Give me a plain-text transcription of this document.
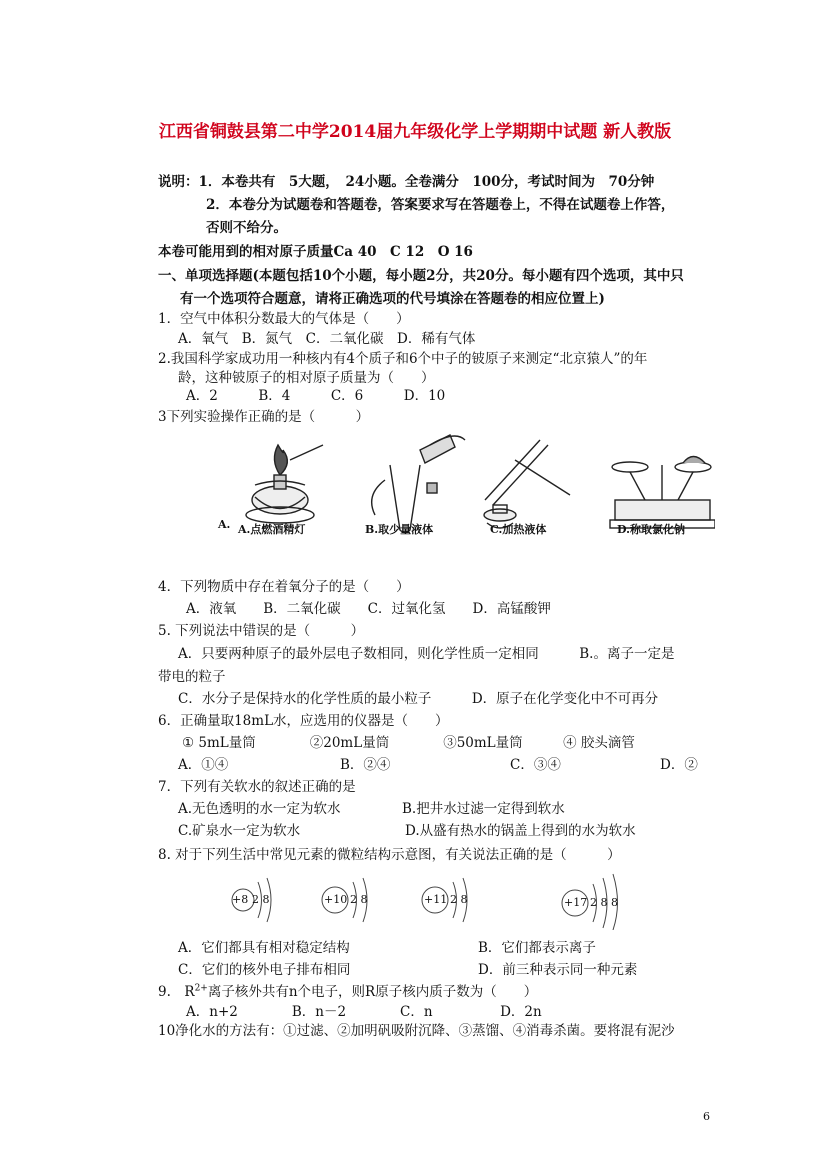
江西省铜鼓县第二中学2014届九年级化学上学期期中试题 新人教版
说明：1．本卷共有　5大题，　24小题。全卷满分　100分，考试时间为　70分钟
2．本卷分为试题卷和答题卷，答案要求写在答题卷上，不得在试题卷上作答，
否则不给分。
本卷可能用到的相对原子质量Ca 40　C 12　O 16
一、单项选择题(本题包括10个小题，每小题2分，共20分。每小题有四个选项，其中只
有一个选项符合题意，请将正确选项的代号填涂在答题卷的相应位置上)
1．空气中体积分数最大的气体是（　　）
A．氧气　B．氮气　C．二氧化碳　D．稀有气体
2.我国科学家成功用一种核内有4个质子和6个中子的铍原子来测定“北京猿人”的年
龄，这种铍原子的相对原子质量为（　　）
A．2　　　B．4　　　C．6　　　D．10
3下列实验操作正确的是（　　　）
A. A.点燃酒精灯	B.取少量液体	C.加热液体	D.称取氯化钠
4．下列物质中存在着氧分子的是（　　）
A．液氧　　B．二氧化碳　　C．过氧化氢　　D．高锰酸钾
5. 下列说法中错误的是（　　　）
A．只要两种原子的最外层电子数相同，则化学性质一定相同　　　B.。离子一定是
带电的粒子
C．水分子是保持水的化学性质的最小粒子　　　D．原子在化学变化中不可再分
6．正确量取18mL水，应选用的仪器是（　　）
① 5mL量筒　　　　②20mL量筒　　　　③50mL量筒　　　④ 胶头滴管
A．①④	B．②④	C．③④	D．②
7．下列有关软水的叙述正确的是
A.无色透明的水一定为软水	B.把井水过滤一定得到软水
C.矿泉水一定为软水	D.从盛有热水的锅盖上得到的水为软水
8. 对于下列生活中常见元素的微粒结构示意图，有关说法正确的是（　　　）
+8 2 8	+10 2 8	+11 2 8	+17 2 8 8
A．它们都具有相对稳定结构	B．它们都表示离子
C．它们的核外电子排布相同	D．前三种表示同一种元素
9.　 $R^{2+}$离子核外共有n个电子，则R原子核内质子数为（　　）
A．n+2　　　　B．n－2　　　　C．n　　　　　D．2n
10净化水的方法有：①过滤、②加明矾吸附沉降、③蒸馏、④消毒杀菌。要将混有泥沙
6
